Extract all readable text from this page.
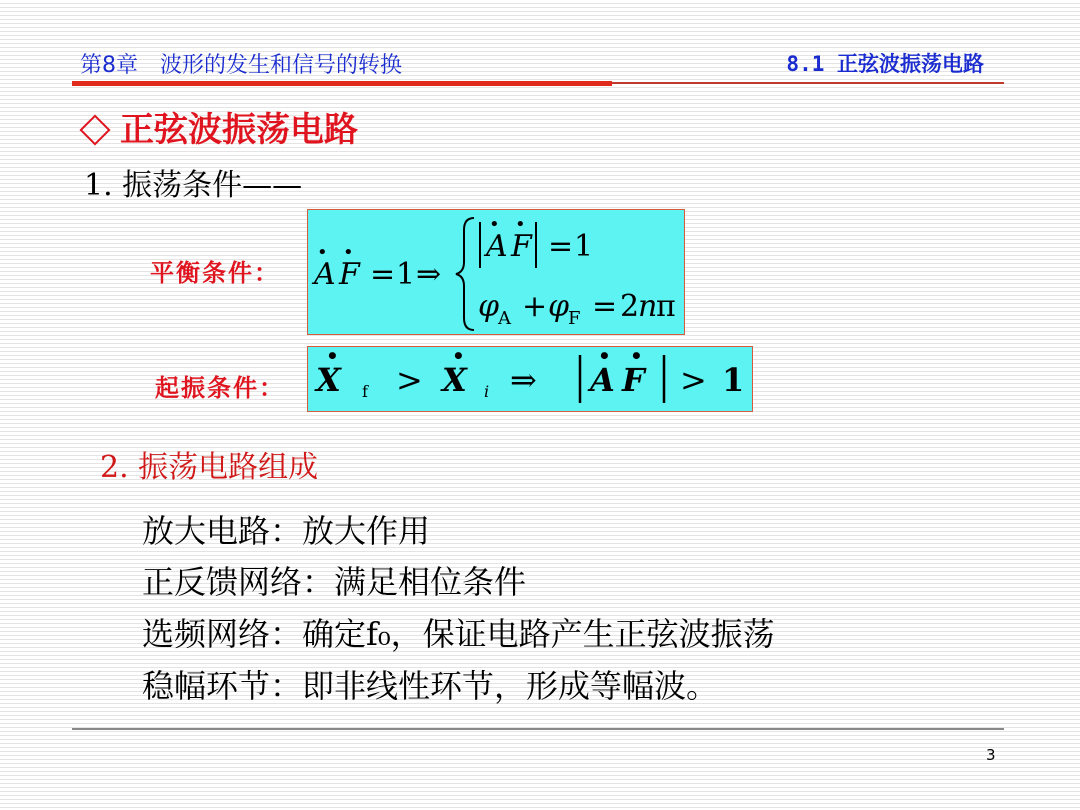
第8章　波形的发生和信号的转换	8.1 正弦波振荡电路
正弦波振荡电路
1. 振荡条件——
平衡条件： A F
• •
= 1 ⇒
A F
• •
= 1
φ
A + φ
F = 2
n
π
起振条件： X
•
f > X
•
i ⇒ A
•
F
•
> 1
2. 振荡电路组成
放大电路：放大作用
正反馈网络：满足相位条件
选频网络：确定f₀，保证电路产生正弦波振荡
稳幅环节：即非线性环节，形成等幅波。
3
